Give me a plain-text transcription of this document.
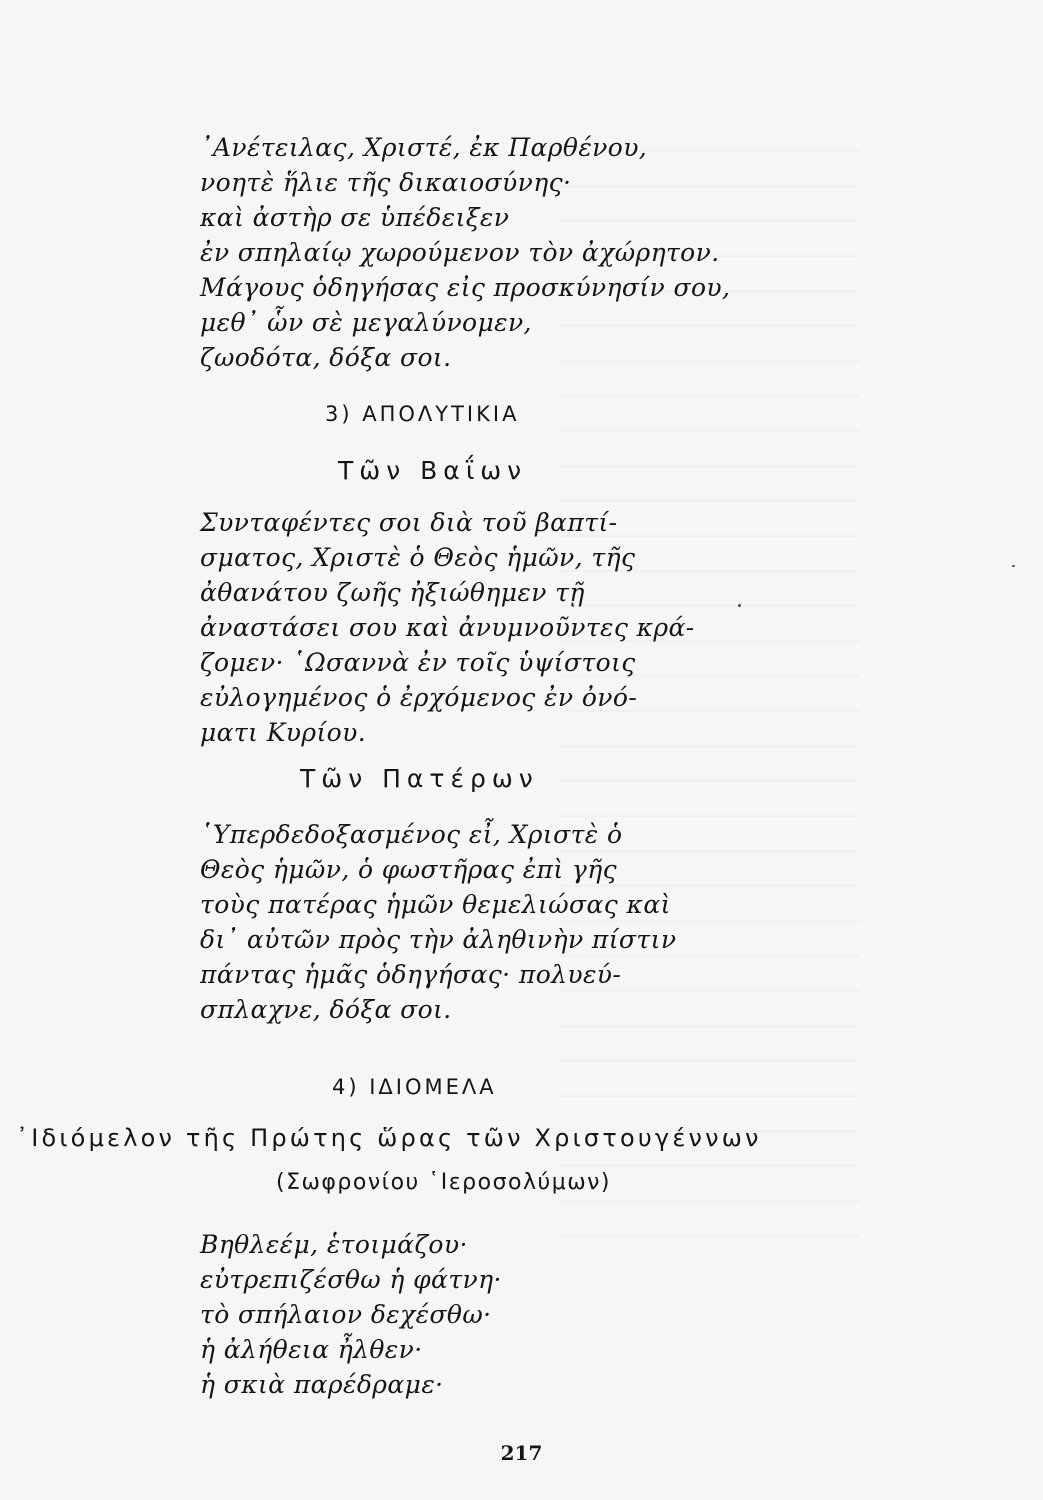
᾿Ανέτειλας, Χριστέ, ἐκ Παρθένου,
νοητὲ ἥλιε τῆς δικαιοσύνης·
καὶ ἀστὴρ σε ὑπέδειξεν
ἐν σπηλαίῳ χωρούμενον τὸν ἀχώρητον.
Μάγους ὁδηγήσας εἰς προσκύνησίν σου,
μεθ᾿ ὧν σὲ μεγαλύνομεν,
ζωοδότα, δόξα σοι.
3) ΑΠΟΛΥΤΙΚΙΑ
Τῶν Βαΐων
Συνταφέντες σοι διὰ τοῦ βαπτί-
σματος, Χριστὲ ὁ Θεὸς ἡμῶν, τῆς
ἀθανάτου ζωῆς ἠξιώθημεν τῇ
ἀναστάσει σου καὶ ἀνυμνοῦντες κρά-
ζομεν· ῾Ωσαννὰ ἐν τοῖς ὑψίστοις
εὐλογημένος ὁ ἐρχόμενος ἐν ὀνό-
ματι Κυρίου.
Τῶν Πατέρων
῾Υπερδεδοξασμένος εἶ, Χριστὲ ὁ
Θεὸς ἡμῶν, ὁ φωστῆρας ἐπὶ γῆς
τοὺς πατέρας ἡμῶν θεμελιώσας καὶ
δι᾿ αὐτῶν πρὸς τὴν ἀληθινὴν πίστιν
πάντας ἡμᾶς ὁδηγήσας· πολυεύ-
σπλαχνε, δόξα σοι.
4) ΙΔΙΟΜΕΛΑ
᾿Ιδιόμελον τῆς Πρώτης ὥρας τῶν Χριστουγέννων
(Σωφρονίου ῾Ιεροσολύμων)
Βηθλεέμ, ἑτοιμάζου·
εὐτρεπιζέσθω ἡ φάτνη·
τὸ σπήλαιον δεχέσθω·
ἡ ἀλήθεια ἦλθεν·
ἡ σκιὰ παρέδραμε·
217
